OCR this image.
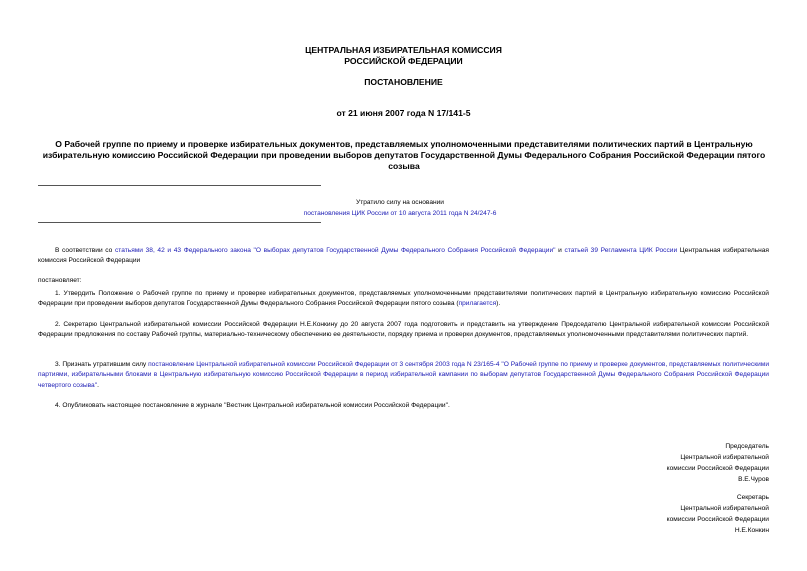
ЦЕНТРАЛЬНАЯ ИЗБИРАТЕЛЬНАЯ КОМИССИЯ
РОССИЙСКОЙ ФЕДЕРАЦИИ
ПОСТАНОВЛЕНИЕ
от 21 июня 2007 года N 17/141-5
О Рабочей группе по приему и проверке избирательных документов, представляемых уполномоченными представителями политических партий в Центральную избирательную комиссию Российской Федерации при проведении выборов депутатов Государственной Думы Федерального Собрания Российской Федерации пятого созыва
Утратило силу на основании
постановления ЦИК России от 10 августа 2011 года N 24/247-6
В соответствии со статьями 38, 42 и 43 Федерального закона "О выборах депутатов Государственной Думы Федерального Собрания Российской Федерации" и статьей 39 Регламента ЦИК России Центральная избирательная комиссия Российской Федерации
постановляет:
1. Утвердить Положение о Рабочей группе по приему и проверке избирательных документов, представляемых уполномоченными представителями политических партий в Центральную избирательную комиссию Российской Федерации при проведении выборов депутатов Государственной Думы Федерального Собрания Российской Федерации пятого созыва (прилагается).
2. Секретарю Центральной избирательной комиссии Российской Федерации Н.Е.Конкину до 20 августа 2007 года подготовить и представить на утверждение Председателю Центральной избирательной комиссии Российской Федерации предложения по составу Рабочей группы, материально-техническому обеспечению ее деятельности, порядку приема и проверки документов, представляемых уполномоченными представителями политических партий.
3. Признать утратившим силу постановление Центральной избирательной комиссии Российской Федерации от 3 сентября 2003 года N 23/165-4 "О Рабочей группе по приему и проверке документов, представляемых политическими партиями, избирательными блоками в Центральную избирательную комиссию Российской Федерации в период избирательной кампании по выборам депутатов Государственной Думы Федерального Собрания Российской Федерации четвертого созыва".
4. Опубликовать настоящее постановление в журнале "Вестник Центральной избирательной комиссии Российской Федерации".
Председатель
Центральной избирательной
комиссии Российской Федерации
В.Е.Чуров
Секретарь
Центральной избирательной
комиссии Российской Федерации
Н.Е.Конкин
